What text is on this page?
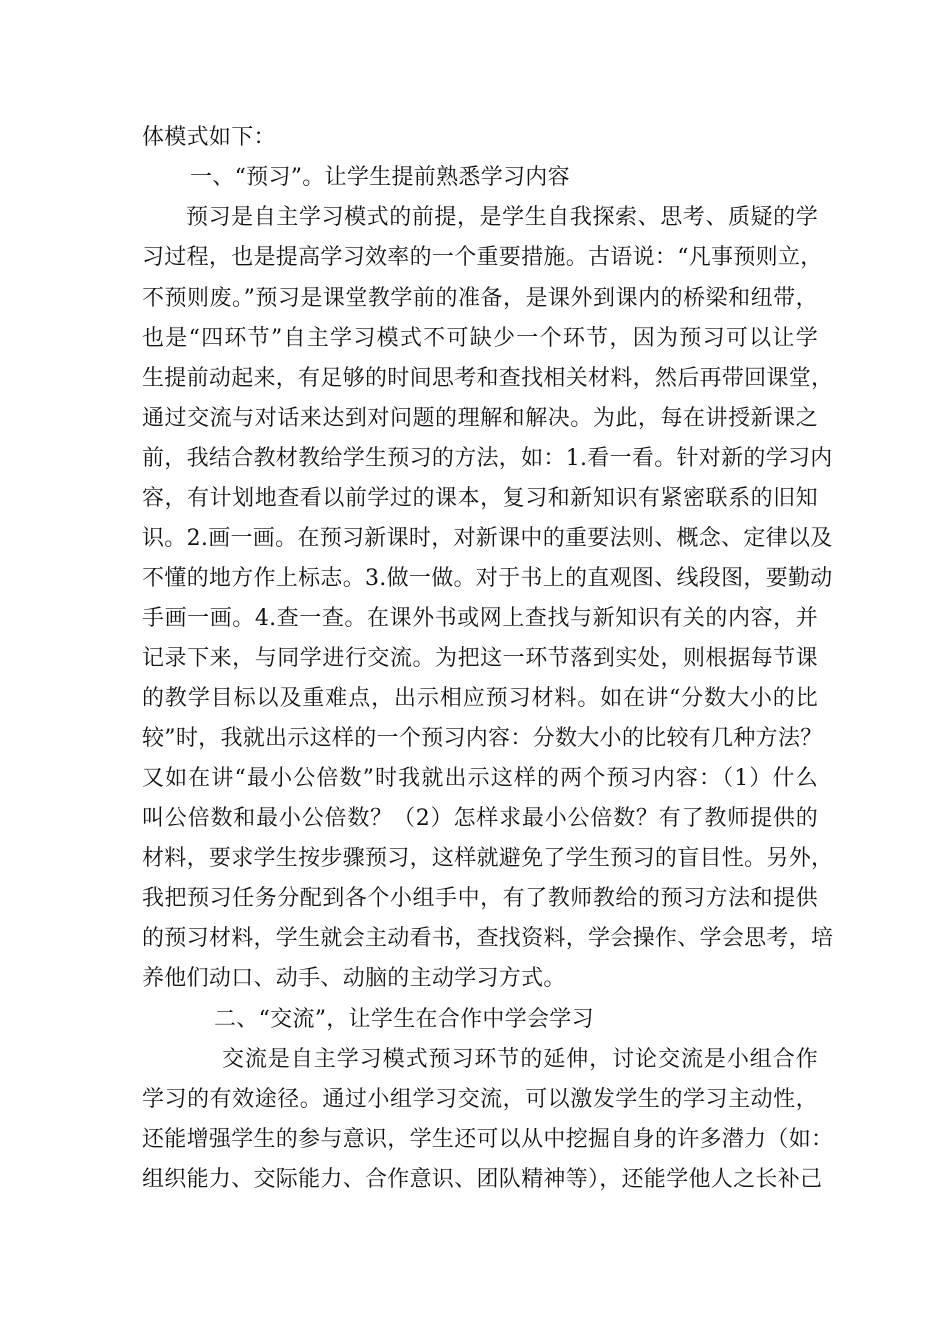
体模式如下：
一、“预习”。让学生提前熟悉学习内容
预习是自主学习模式的前提，是学生自我探索、思考、质疑的学
习过程，也是提高学习效率的一个重要措施。古语说：“凡事预则立，
不预则废。”预习是课堂教学前的准备，是课外到课内的桥梁和纽带，
也是“四环节”自主学习模式不可缺少一个环节，因为预习可以让学
生提前动起来，有足够的时间思考和查找相关材料，然后再带回课堂，
通过交流与对话来达到对问题的理解和解决。为此，每在讲授新课之
前，我结合教材教给学生预习的方法，如：1.看一看。针对新的学习内
容，有计划地查看以前学过的课本，复习和新知识有紧密联系的旧知
识。2.画一画。在预习新课时，对新课中的重要法则、概念、定律以及
不懂的地方作上标志。3.做一做。对于书上的直观图、线段图，要勤动
手画一画。4.查一查。在课外书或网上查找与新知识有关的内容，并
记录下来，与同学进行交流。为把这一环节落到实处，则根据每节课
的教学目标以及重难点，出示相应预习材料。如在讲“分数大小的比
较”时，我就出示这样的一个预习内容：分数大小的比较有几种方法？
又如在讲“最小公倍数”时我就出示这样的两个预习内容：（1）什么
叫公倍数和最小公倍数？（2）怎样求最小公倍数？有了教师提供的
材料，要求学生按步骤预习，这样就避免了学生预习的盲目性。另外，
我把预习任务分配到各个小组手中，有了教师教给的预习方法和提供
的预习材料，学生就会主动看书，查找资料，学会操作、学会思考，培
养他们动口、动手、动脑的主动学习方式。
二、“交流”，让学生在合作中学会学习
交流是自主学习模式预习环节的延伸，讨论交流是小组合作
学习的有效途径。通过小组学习交流，可以激发学生的学习主动性，
还能增强学生的参与意识，学生还可以从中挖掘自身的许多潜力（如：
组织能力、交际能力、合作意识、团队精神等），还能学他人之长补己
